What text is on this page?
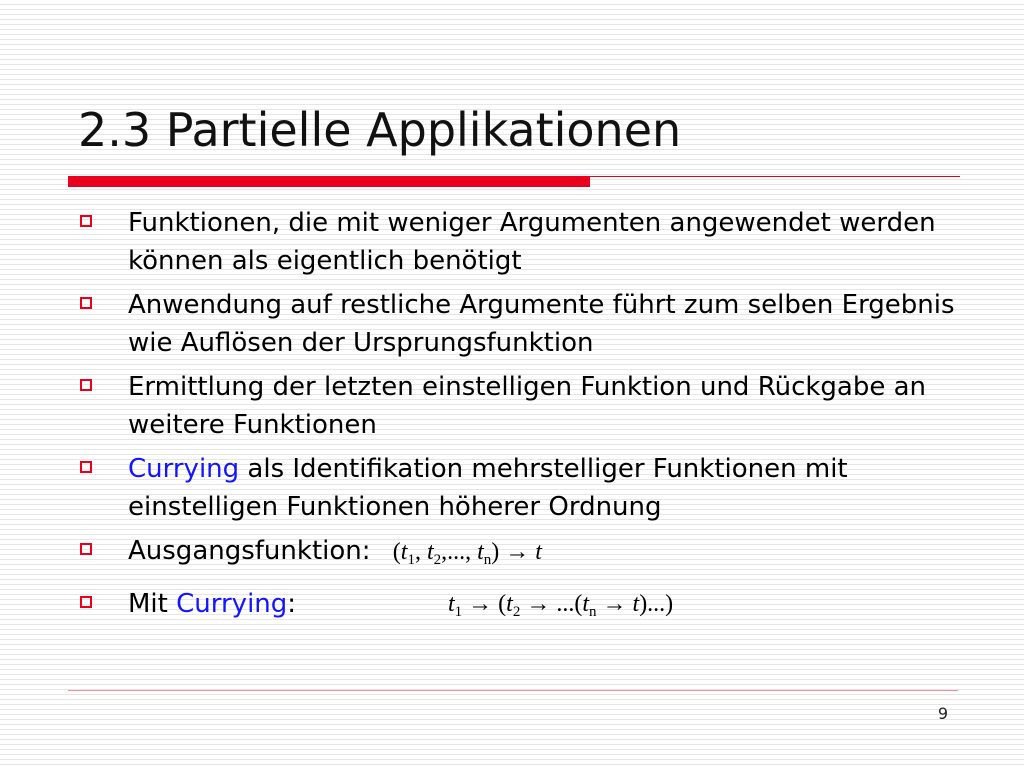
2.3 Partielle Applikationen
Funktionen, die mit weniger Argumenten angewendet werden können als eigentlich benötigt
Anwendung auf restliche Argumente führt zum selben Ergebnis wie Auflösen der Ursprungsfunktion
Ermittlung der letzten einstelligen Funktion und Rückgabe an weitere Funktionen
Currying als Identifikation mehrstelliger Funktionen mit einstelligen Funktionen höherer Ordnung
Ausgangsfunktion: ($t_1$, $t_2$,..., $t_n) \to t$
Mit Currying:	$t_1 \to (t_2 \to ...(t_n \to t)...)$
9
